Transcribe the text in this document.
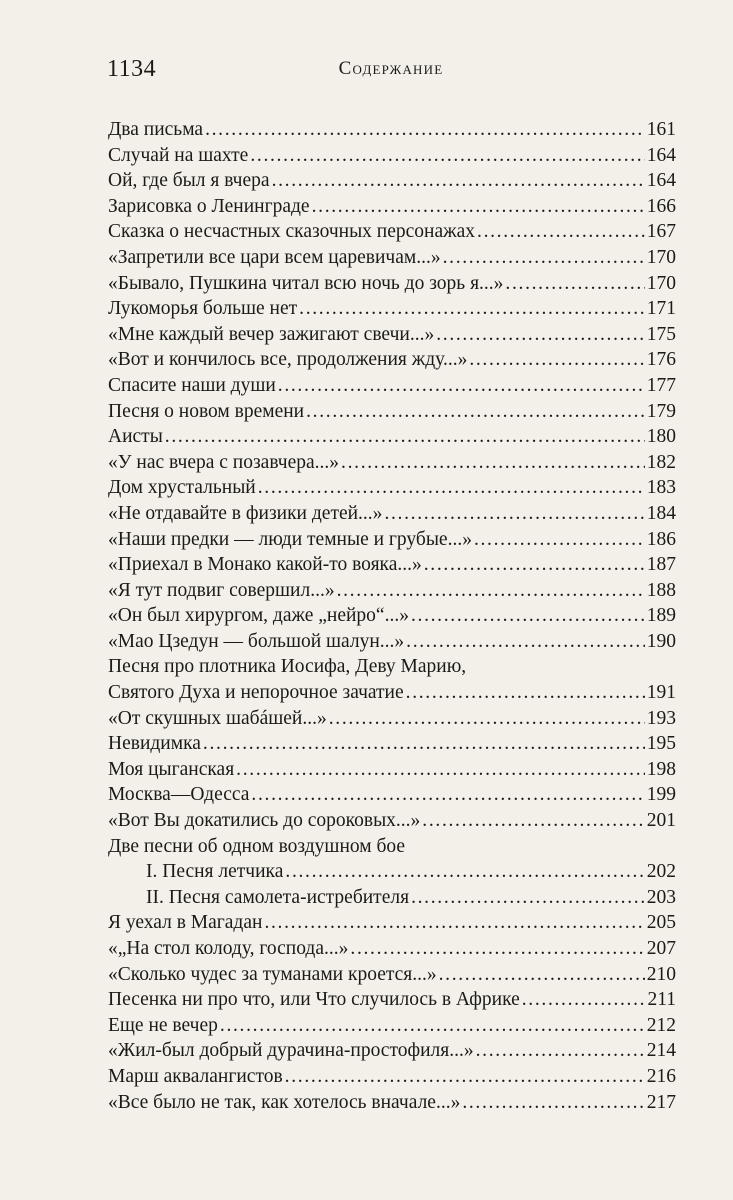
1134	Содержание
Два письма . . .	161
Случай на шахте . . .	164
Ой, где был я вчера . . .	164
Зарисовка о Ленинграде . . .	166
Сказка о несчастных сказочных персонажах . . .	167
«Запретили все цари всем царевичам...» . . .	170
«Бывало, Пушкина читал всю ночь до зорь я...» . . .	170
Лукоморья больше нет . . .	171
«Мне каждый вечер зажигают свечи...» . . .	175
«Вот и кончилось все, продолжения жду...» . . .	176
Спасите наши души . . .	177
Песня о новом времени . . .	179
Аисты . . .	180
«У нас вчера с позавчера...» . . .	182
Дом хрустальный . . .	183
«Не отдавайте в физики детей...» . . .	184
«Наши предки — люди темные и грубые...» . . .	186
«Приехал в Монако какой-то вояка...» . . .	187
«Я тут подвиг совершил...» . . .	188
«Он был хирургом, даже „нейро“...» . . .	189
«Мао Цзедун — большой шалун...» . . .	190
Песня про плотника Иосифа, Деву Марию,
Святого Духа и непорочное зачатие . . .	191
«От скушных шабáшей...» . . .	193
Невидимка . . .	195
Моя цыганская . . .	198
Москва—Одесса . . .	199
«Вот Вы докатились до сороковых...» . . .	201
Две песни об одном воздушном бое
I. Песня летчика . . .	202
II. Песня самолета-истребителя . . .	203
Я уехал в Магадан . . .	205
«„На стол колоду, господа...» . . .	207
«Сколько чудес за туманами кроется...» . . .	210
Песенка ни про что, или Что случилось в Африке . . .	211
Еще не вечер . . .	212
«Жил-был добрый дурачина-простофиля...» . . .	214
Марш аквалангистов . . .	216
«Все было не так, как хотелось вначале...» . . .	217
